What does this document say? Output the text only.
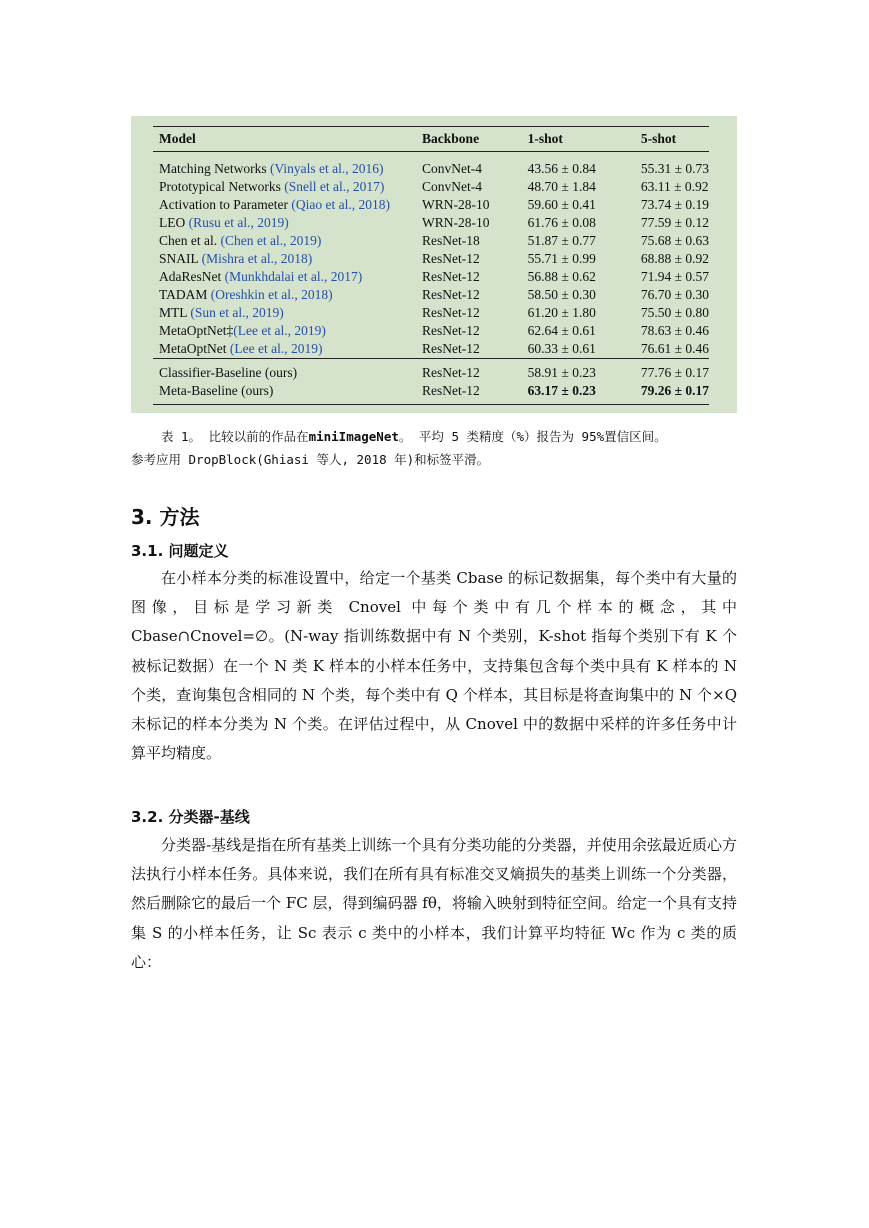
Model	Backbone	1-shot	5-shot
Matching Networks (Vinyals et al., 2016)	ConvNet-4	43.56 ± 0.84	55.31 ± 0.73
Prototypical Networks (Snell et al., 2017)	ConvNet-4	48.70 ± 1.84	63.11 ± 0.92
Activation to Parameter (Qiao et al., 2018)	WRN-28-10	59.60 ± 0.41	73.74 ± 0.19
LEO (Rusu et al., 2019)	WRN-28-10	61.76 ± 0.08	77.59 ± 0.12
Chen et al. (Chen et al., 2019)	ResNet-18	51.87 ± 0.77	75.68 ± 0.63
SNAIL (Mishra et al., 2018)	ResNet-12	55.71 ± 0.99	68.88 ± 0.92
AdaResNet (Munkhdalai et al., 2017)	ResNet-12	56.88 ± 0.62	71.94 ± 0.57
TADAM (Oreshkin et al., 2018)	ResNet-12	58.50 ± 0.30	76.70 ± 0.30
MTL (Sun et al., 2019)	ResNet-12	61.20 ± 1.80	75.50 ± 0.80
MetaOptNet‡(Lee et al., 2019)	ResNet-12	62.64 ± 0.61	78.63 ± 0.46
MetaOptNet (Lee et al., 2019)	ResNet-12	60.33 ± 0.61	76.61 ± 0.46
Classifier-Baseline (ours)	ResNet-12	58.91 ± 0.23	77.76 ± 0.17
Meta-Baseline (ours)	ResNet-12	63.17 ± 0.23	79.26 ± 0.17

表 1。 比较以前的作品在miniImageNet。 平均 5 类精度（%）报告为 95%置信区间。

参考应用 DropBlock(Ghiasi 等人, 2018 年)和标签平滑。

3. 方法
3.1. 问题定义

在小样本分类的标准设置中，给定一个基类 Cbase 的标记数据集，每个类中有大量的图像，目标是学习新类 Cnovel 中每个类中有几个样本的概念，其中 Cbase∩Cnovel=∅。(N-way 指训练数据中有 N 个类别，K-shot 指每个类别下有 K 个被标记数据）在一个 N 类 K 样本的小样本任务中，支持集包含每个类中具有 K 样本的 N 个类，查询集包含相同的 N 个类，每个类中有 Q 个样本，其目标是将查询集中的 N 个×Q 未标记的样本分类为 N 个类。在评估过程中，从 Cnovel 中的数据中采样的许多任务中计算平均精度。

3.2. 分类器-基线

分类器-基线是指在所有基类上训练一个具有分类功能的分类器，并使用余弦最近质心方法执行小样本任务。具体来说，我们在所有具有标准交叉熵损失的基类上训练一个分类器，然后删除它的最后一个 FC 层，得到编码器 fθ，将输入映射到特征空间。给定一个具有支持集 S 的小样本任务，让 Sc 表示 c 类中的小样本，我们计算平均特征 Wc 作为 c 类的质心：
